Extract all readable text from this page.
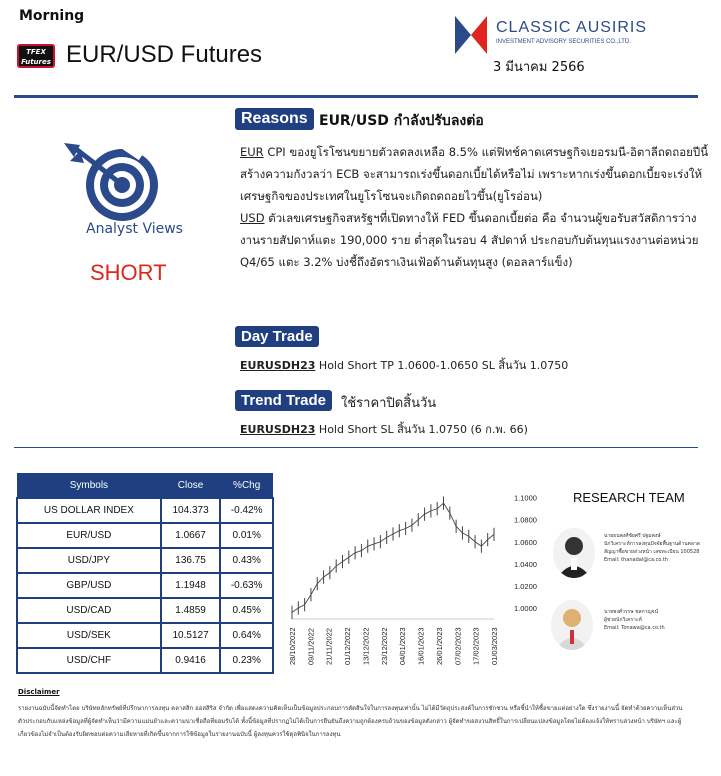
Morning
TFEX Futures EUR/USD Futures
CLASSIC AUSIRIS
INVESTMENT ADVISORY SECURITIES CO.,LTD.
3 มีนาคม 2566
Analyst Views
SHORT
Reasons EUR/USD กำลังปรับลงต่อ
EUR CPI ของยูโรโซนขยายตัวลดลงเหลือ 8.5% แต่ฟิทช์คาดเศรษฐกิจเยอรมนี-อิตาลีถดถอยปีนี้ สร้างความกังวลว่า ECB จะสามารถเร่งขึ้นดอกเบี้ยได้หรือไม่ เพราะหากเร่งขึ้นดอกเบี้ยจะเร่งให้เศรษฐกิจของประเทศในยูโรโซนจะเกิดถดถอยไวขึ้น(ยูโรอ่อน)
USD ตัวเลขเศรษฐกิจสหรัฐฯที่เปิดทางให้ FED ขึ้นดอกเบี้ยต่อ คือ จำนวนผู้ขอรับสวัสดิการว่างงานรายสัปดาห์แตะ 190,000 ราย ต่ำสุดในรอบ 4 สัปดาห์ ประกอบกับต้นทุนแรงงานต่อหน่วย Q4/65 แตะ 3.2% บ่งชี้ถึงอัตราเงินเฟ้อด้านต้นทุนสูง (ดอลลาร์แข็ง)
Day Trade
EURUSDH23 Hold Short TP 1.0600-1.0650 SL สิ้นวัน 1.0750
Trend Trade	ใช้ราคาปิดสิ้นวัน
EURUSDH23 Hold Short SL สิ้นวัน 1.0750 (6 ก.พ. 66)
Symbols	Close	%Chg
US DOLLAR INDEX	104.373	-0.42%
EUR/USD	1.0667	0.01%
USD/JPY	136.75	0.43%
GBP/USD	1.1948	-0.63%
USD/CAD	1.4859	0.45%
USD/SEK	10.5127	0.64%
USD/CHF	0.9416	0.23%
1.0000
1.0200
1.0400
1.0600
1.0800
1.1000
28/10/2022 09/11/2022 21/11/2022 01/12/2022 13/12/2022 23/12/2022 04/01/2023 16/01/2023 26/01/2023 07/02/2023 17/02/2023 01/03/2023
RESEARCH TEAM
นายธนพงศ์ชัยศรี ปฐมพงษ์
นักวิเคราะห์การลงทุนปัจจัยพื้นฐานด้านตลาดสัญญาซื้อขายล่วงหน้า เลขทะเบียน 100528
Email: thanadal@ca.co.th
นายพงศ์วรรษ ชลกาญจน์
ผู้ช่วยนักวิเคราะห์
Email: Tonawa@ca.co.th
Disclaimer
รายงานฉบับนี้จัดทำโดย บริษัทหลักทรัพย์ที่ปรึกษาการลงทุน คลาสสิก ออสสิริส จำกัด เพื่อแสดงความคิดเห็นเป็นข้อมูลประกอบการตัดสินใจในการลงทุนเท่านั้น ไม่ได้มีวัตถุประสงค์ในการชักชวน หรือชี้นำให้ซื้อขายแต่อย่างใด ซึ่งรายงานนี้ จัดทำด้วยความเห็นส่วนตัวประกอบกับแหล่งข้อมูลที่ผู้จัดทำเห็นว่ามีความแม่นยำและความน่าเชื่อถือที่ยอมรับได้ ทั้งนี้ข้อมูลที่ปรากฏไม่ได้เป็นการยืนยันถึงความถูกต้องครบถ้วนของข้อมูลดังกล่าว ผู้จัดทำขอสงวนสิทธิ์ในการเปลี่ยนแปลงข้อมูลโดยไม่ต้องแจ้งให้ทราบล่วงหน้า บริษัทฯ และผู้เกี่ยวข้องไม่จำเป็นต้องรับผิดชอบต่อความเสียหายที่เกิดขึ้นจากการใช้ข้อมูลในรายงานฉบับนี้ ผู้ลงทุนควรใช้ดุลพินิจในการลงทุน
